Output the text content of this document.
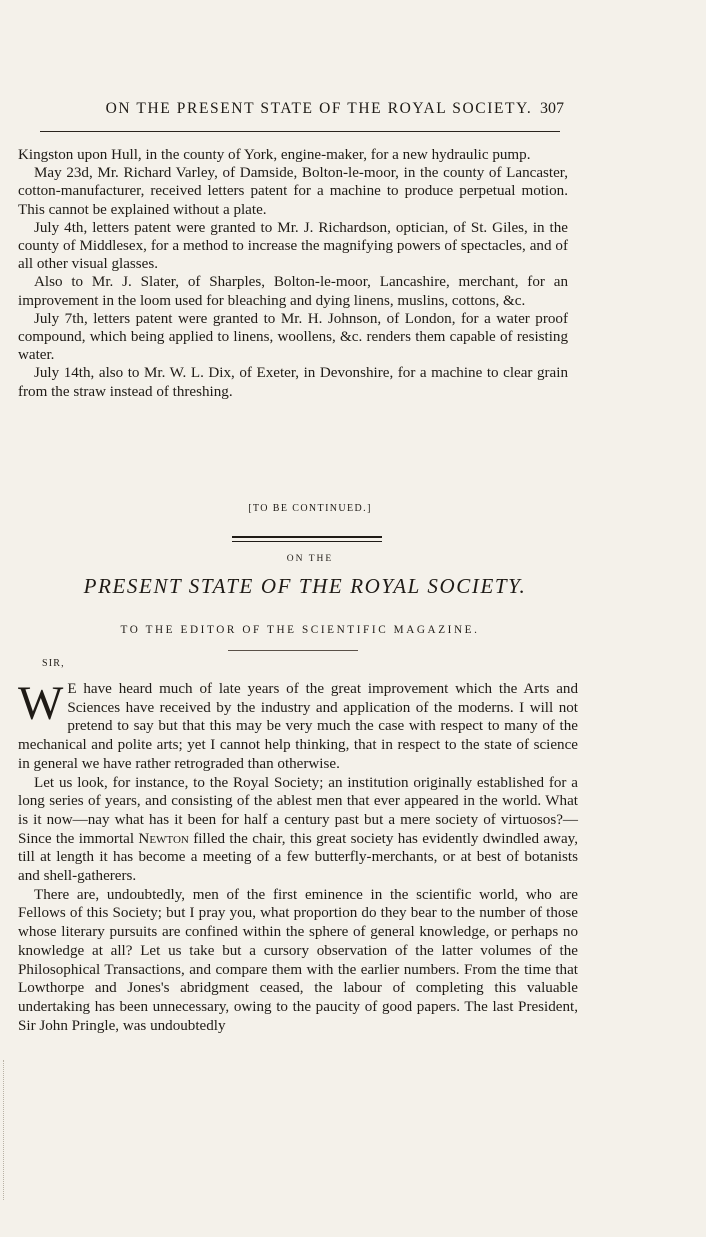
ON THE PRESENT STATE OF THE ROYAL SOCIETY. 307

Kingston upon Hull, in the county of York, engine-maker, for a new hydraulic pump.

May 23d, Mr. Richard Varley, of Damside, Bolton-le-moor, in the county of Lancaster, cotton-manufacturer, received letters patent for a machine to produce perpetual motion. This cannot be explained without a plate.

July 4th, letters patent were granted to Mr. J. Richardson, optician, of St. Giles, in the county of Middlesex, for a method to increase the magnifying powers of spectacles, and of all other visual glasses.

Also to Mr. J. Slater, of Sharples, Bolton-le-moor, Lancashire, merchant, for an improvement in the loom used for bleaching and dying linens, muslins, cottons, &c.

July 7th, letters patent were granted to Mr. H. Johnson, of London, for a water proof compound, which being applied to linens, woollens, &c. renders them capable of resisting water.

July 14th, also to Mr. W. L. Dix, of Exeter, in Devonshire, for a machine to clear grain from the straw instead of threshing.

[TO BE CONTINUED.]
ON THE
PRESENT STATE OF THE ROYAL SOCIETY.
TO THE EDITOR OF THE SCIENTIFIC MAGAZINE.
SIR,

W E have heard much of late years of the great improvement which the Arts and Sciences have received by the industry and application of the moderns. I will not pretend to say but that this may be very much the case with respect to many of the mechanical and polite arts; yet I cannot help thinking, that in respect to the state of science in general we have rather retrograded than otherwise.

Let us look, for instance, to the Royal Society; an institution originally established for a long series of years, and consisting of the ablest men that ever appeared in the world. What is it now—nay what has it been for half a century past but a mere society of virtuosos?—Since the immortal Newton filled the chair, this great society has evidently dwindled away, till at length it has become a meeting of a few butterfly-merchants, or at best of botanists and shell-gatherers.

There are, undoubtedly, men of the first eminence in the scientific world, who are Fellows of this Society; but I pray you, what proportion do they bear to the number of those whose literary pursuits are confined within the sphere of general knowledge, or perhaps no knowledge at all? Let us take but a cursory observation of the latter volumes of the Philosophical Transactions, and compare them with the earlier numbers. From the time that Lowthorpe and Jones's abridgment ceased, the labour of completing this valuable undertaking has been unnecessary, owing to the paucity of good papers. The last President, Sir John Pringle, was undoubtedly
